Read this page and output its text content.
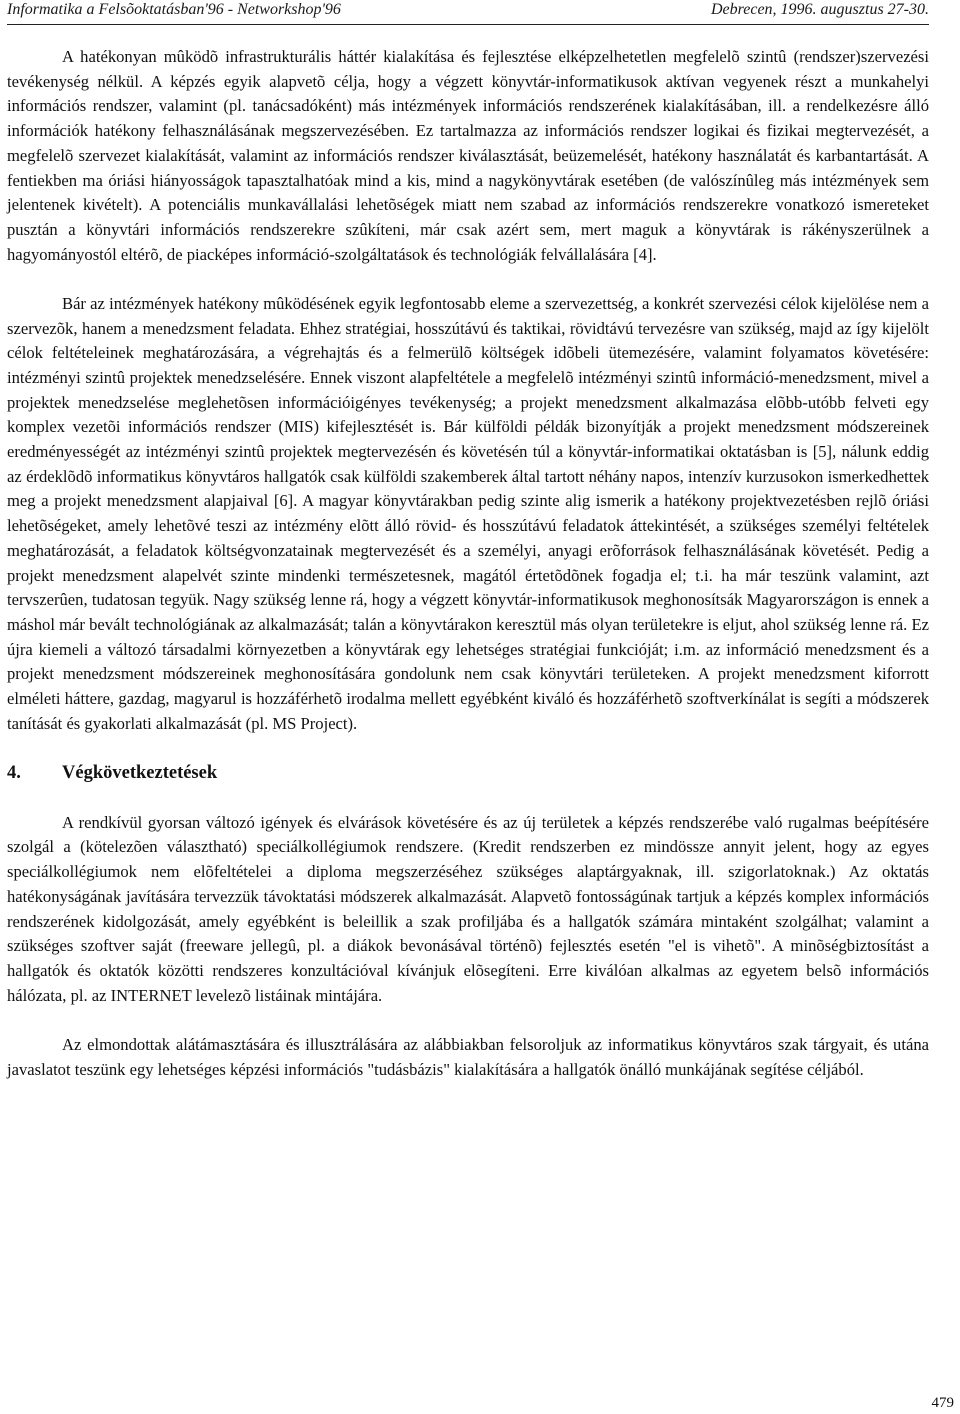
Informatika a Felsõoktatásban'96 - Networkshop'96	Debrecen, 1996. augusztus 27-30.

A hatékonyan mûködõ infrastrukturális háttér kialakítása és fejlesztése elképzelhetetlen megfelelõ szintû (rendszer)szervezési tevékenység nélkül. A képzés egyik alapvetõ célja, hogy a végzett könyvtár-informatikusok aktívan vegyenek részt a munkahelyi információs rendszer, valamint (pl. tanácsadóként) más intézmények információs rendszerének kialakításában, ill. a rendelkezésre álló információk hatékony felhasználásának megszervezésében. Ez tartalmazza az információs rendszer logikai és fizikai megtervezését, a megfelelõ szervezet kialakítását, valamint az információs rendszer kiválasztását, beüzemelését, hatékony használatát és karbantartását. A fentiekben ma óriási hiányosságok tapasztalhatóak mind a kis, mind a nagykönyvtárak esetében (de valószínûleg más intézmények sem jelentenek kivételt). A potenciális munkavállalási lehetõségek miatt nem szabad az információs rendszerekre vonatkozó ismereteket pusztán a könyvtári információs rendszerekre szûkíteni, már csak azért sem, mert maguk a könyvtárak is rákényszerülnek a hagyományostól eltérõ, de piacképes információ-szolgáltatások és technológiák felvállalására [4].

Bár az intézmények hatékony mûködésének egyik legfontosabb eleme a szervezettség, a konkrét szervezési célok kijelölése nem a szervezõk, hanem a menedzsment feladata. Ehhez stratégiai, hosszútávú és taktikai, rövidtávú tervezésre van szükség, majd az így kijelölt célok feltételeinek meghatározására, a végrehajtás és a felmerülõ költségek idõbeli ütemezésére, valamint folyamatos követésére: intézményi szintû projektek menedzselésére. Ennek viszont alapfeltétele a megfelelõ intézményi szintû információ-menedzsment, mivel a projektek menedzselése meglehetõsen információigényes tevékenység; a projekt menedzsment alkalmazása elõbb-utóbb felveti egy komplex vezetõi információs rendszer (MIS) kifejlesztését is. Bár külföldi példák bizonyítják a projekt menedzsment módszereinek eredményességét az intézményi szintû projektek megtervezésén és követésén túl a könyvtár-informatikai oktatásban is [5], nálunk eddig az érdeklõdõ informatikus könyvtáros hallgatók csak külföldi szakemberek által tartott néhány napos, intenzív kurzusokon ismerkedhettek meg a projekt menedzsment alapjaival [6]. A magyar könyvtárakban pedig szinte alig ismerik a hatékony projektvezetésben rejlõ óriási lehetõségeket, amely lehetõvé teszi az intézmény elõtt álló rövid- és hosszútávú feladatok áttekintését, a szükséges személyi feltételek meghatározását, a feladatok költségvonzatainak megtervezését és a személyi, anyagi erõforrások felhasználásának követését. Pedig a projekt menedzsment alapelvét szinte mindenki természetesnek, magától értetõdõnek fogadja el; t.i. ha már teszünk valamint, azt tervszerûen, tudatosan tegyük. Nagy szükség lenne rá, hogy a végzett könyvtár-informatikusok meghonosítsák Magyarországon is ennek a máshol már bevált technológiának az alkalmazását; talán a könyvtárakon keresztül más olyan területekre is eljut, ahol szükség lenne rá. Ez újra kiemeli a változó társadalmi környezetben a könyvtárak egy lehetséges stratégiai funkcióját; i.m. az információ menedzsment és a projekt menedzsment módszereinek meghonosítására gondolunk nem csak könyvtári területeken. A projekt menedzsment kiforrott elméleti háttere, gazdag, magyarul is hozzáférhetõ irodalma mellett egyébként kiváló és hozzáférhetõ szoftverkínálat is segíti a módszerek tanítását és gyakorlati alkalmazását (pl. MS Project).

4.	Végkövetkeztetések

A rendkívül gyorsan változó igények és elvárások követésére és az új területek a képzés rendszerébe való rugalmas beépítésére szolgál a (kötelezõen választható) speciálkollégiumok rendszere. (Kredit rendszerben ez mindössze annyit jelent, hogy az egyes speciálkollégiumok nem elõfeltételei a diploma megszerzéséhez szükséges alaptárgyaknak, ill. szigorlatoknak.) Az oktatás hatékonyságának javítására tervezzük távoktatási módszerek alkalmazását. Alapvetõ fontosságúnak tartjuk a képzés komplex információs rendszerének kidolgozását, amely egyébként is beleillik a szak profiljába és a hallgatók számára mintaként szolgálhat; valamint a szükséges szoftver saját (freeware jellegû, pl. a diákok bevonásával történõ) fejlesztés esetén "el is vihetõ". A minõségbiztosítást a hallgatók és oktatók közötti rendszeres konzultációval kívánjuk elõsegíteni. Erre kiválóan alkalmas az egyetem belsõ információs hálózata, pl. az INTERNET levelezõ listáinak mintájára.

Az elmondottak alátámasztására és illusztrálására az alábbiakban felsoroljuk az informatikus könyvtáros szak tárgyait, és utána javaslatot teszünk egy lehetséges képzési információs "tudásbázis" kialakítására a hallgatók önálló munkájának segítése céljából.

479
